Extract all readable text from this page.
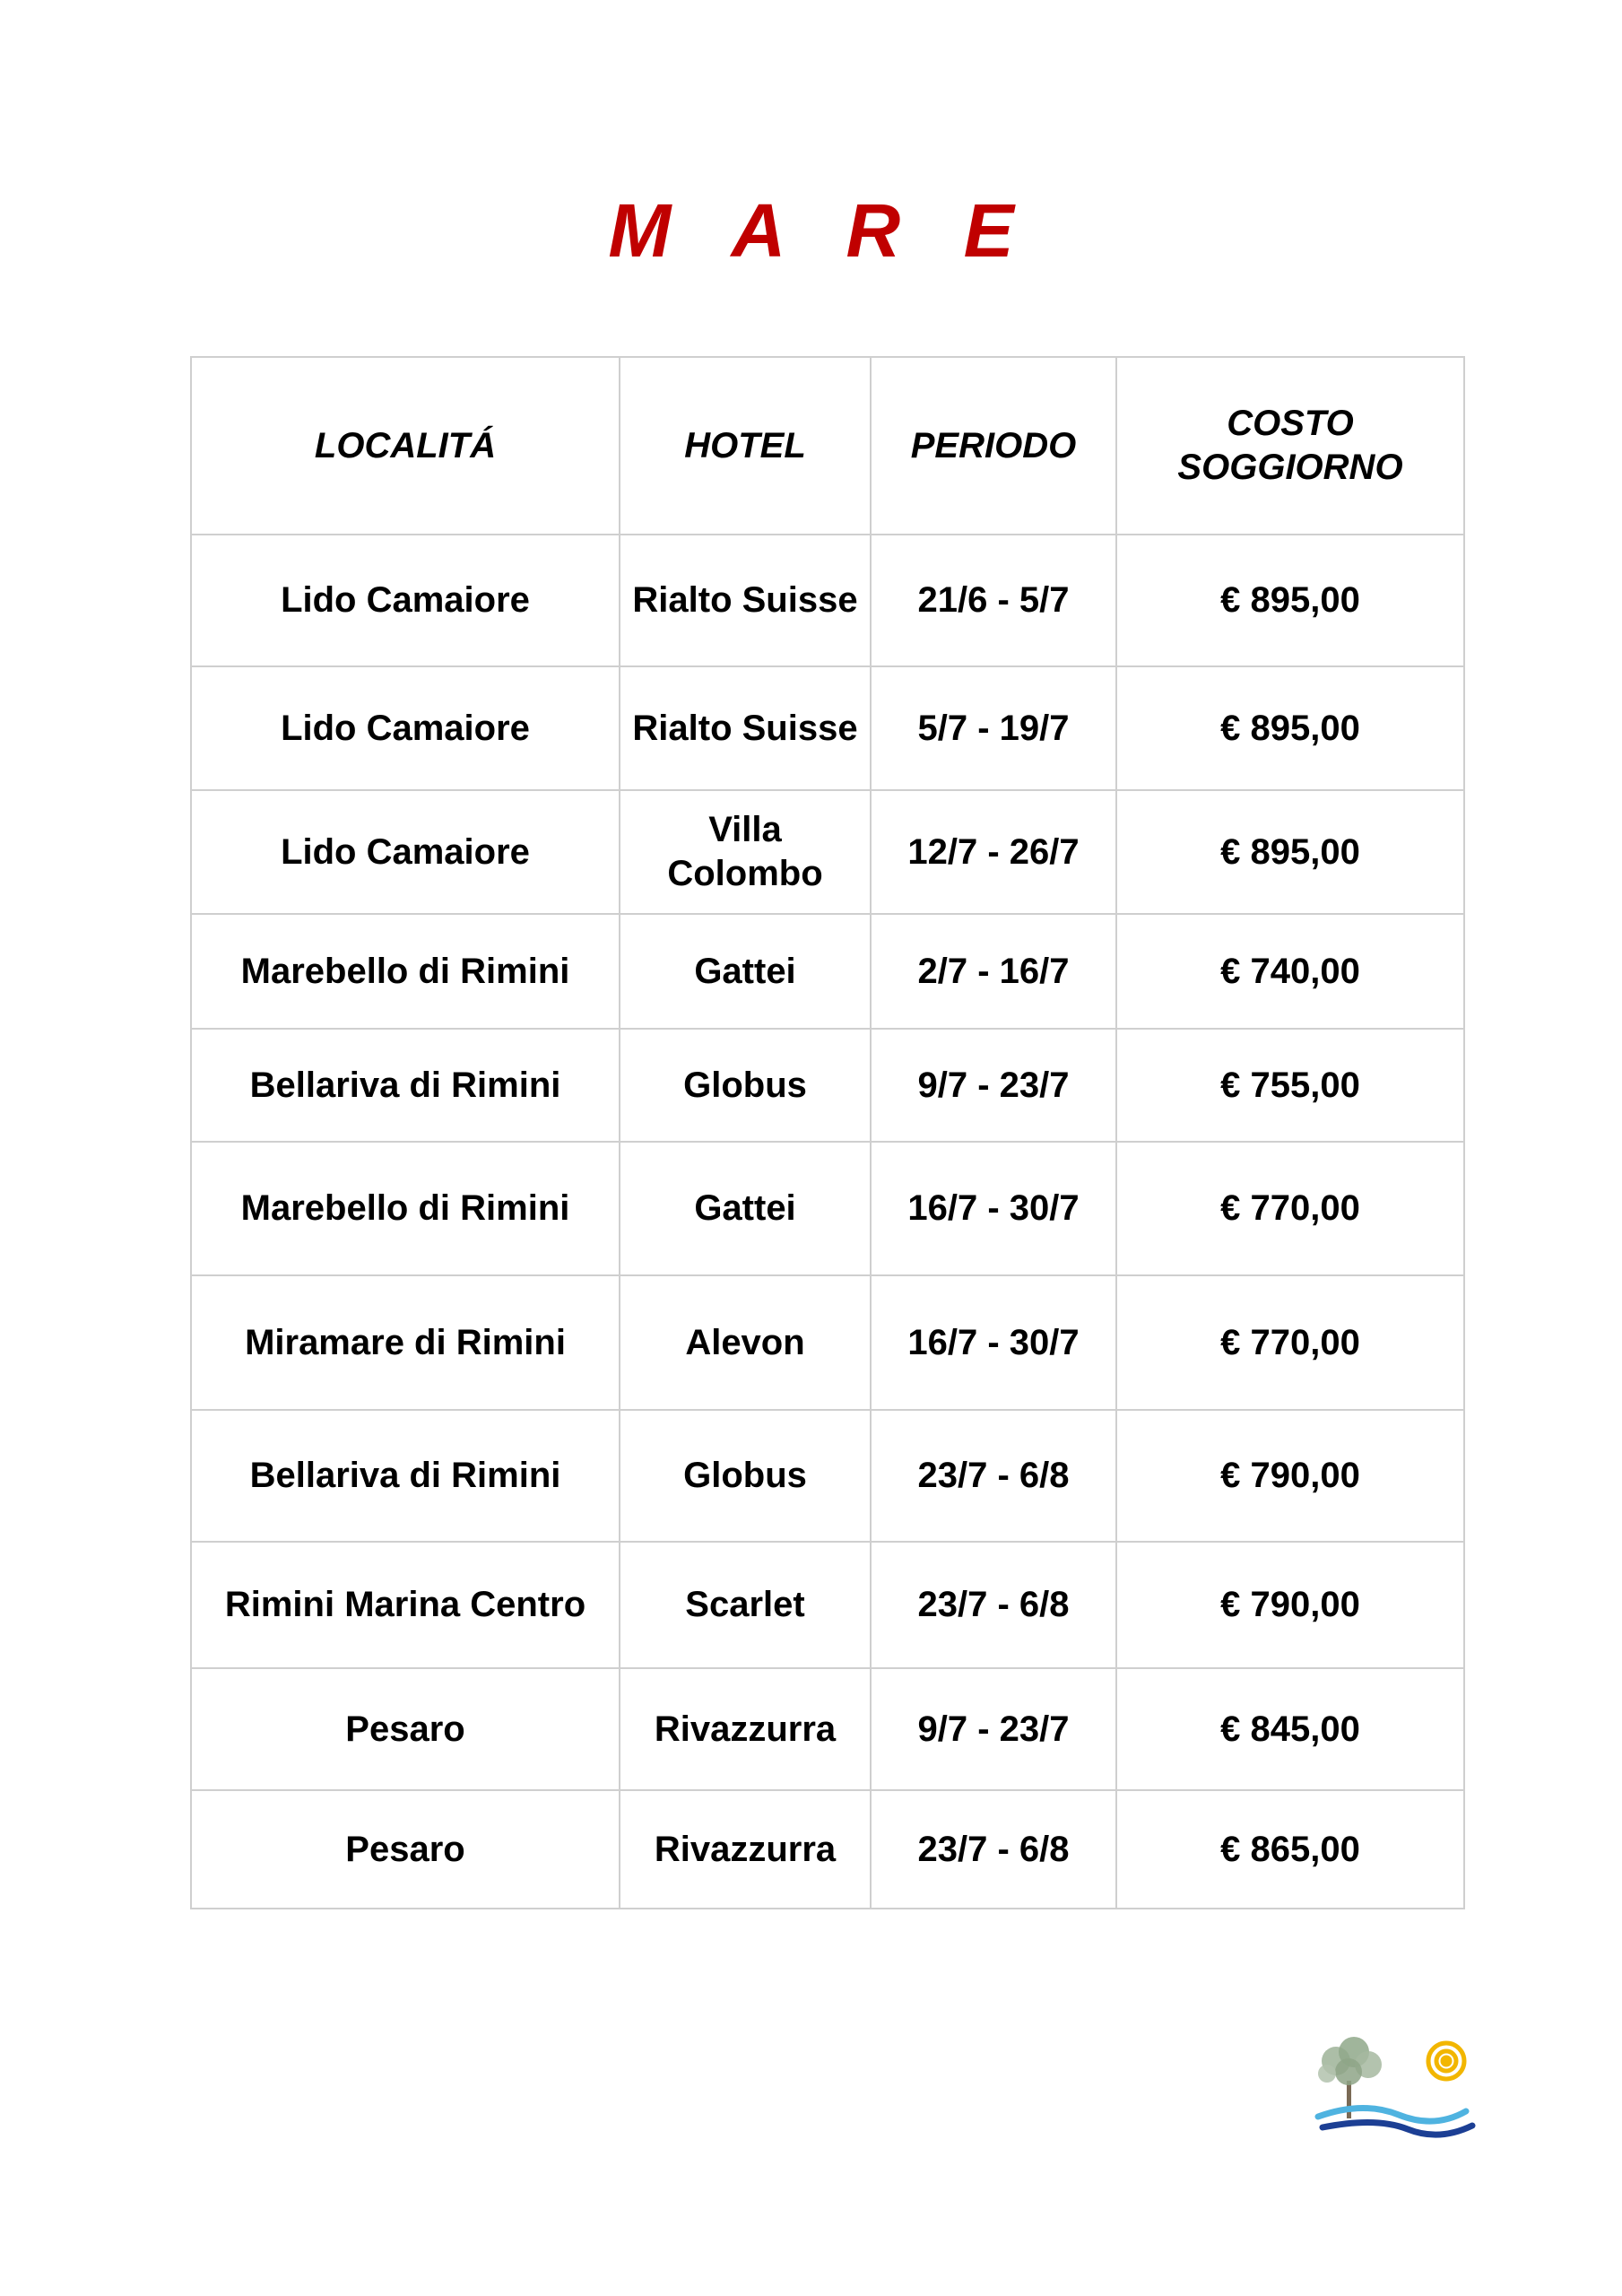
M A R E
LOCALITÁ	HOTEL	PERIODO	COSTO SOGGIORNO
Lido Camaiore	Rialto Suisse	21/6 - 5/7	€ 895,00
Lido Camaiore	Rialto Suisse	5/7 - 19/7	€ 895,00
Lido Camaiore	Villa Colombo	12/7 - 26/7	€ 895,00
Marebello di Rimini	Gattei	2/7 - 16/7	€ 740,00
Bellariva di Rimini	Globus	9/7 - 23/7	€ 755,00
Marebello di Rimini	Gattei	16/7 - 30/7	€ 770,00
Miramare di Rimini	Alevon	16/7 - 30/7	€ 770,00
Bellariva di Rimini	Globus	23/7 - 6/8	€ 790,00
Rimini Marina Centro	Scarlet	23/7 - 6/8	€ 790,00
Pesaro	Rivazzurra	9/7 - 23/7	€ 845,00
Pesaro	Rivazzurra	23/7 - 6/8	€ 865,00
